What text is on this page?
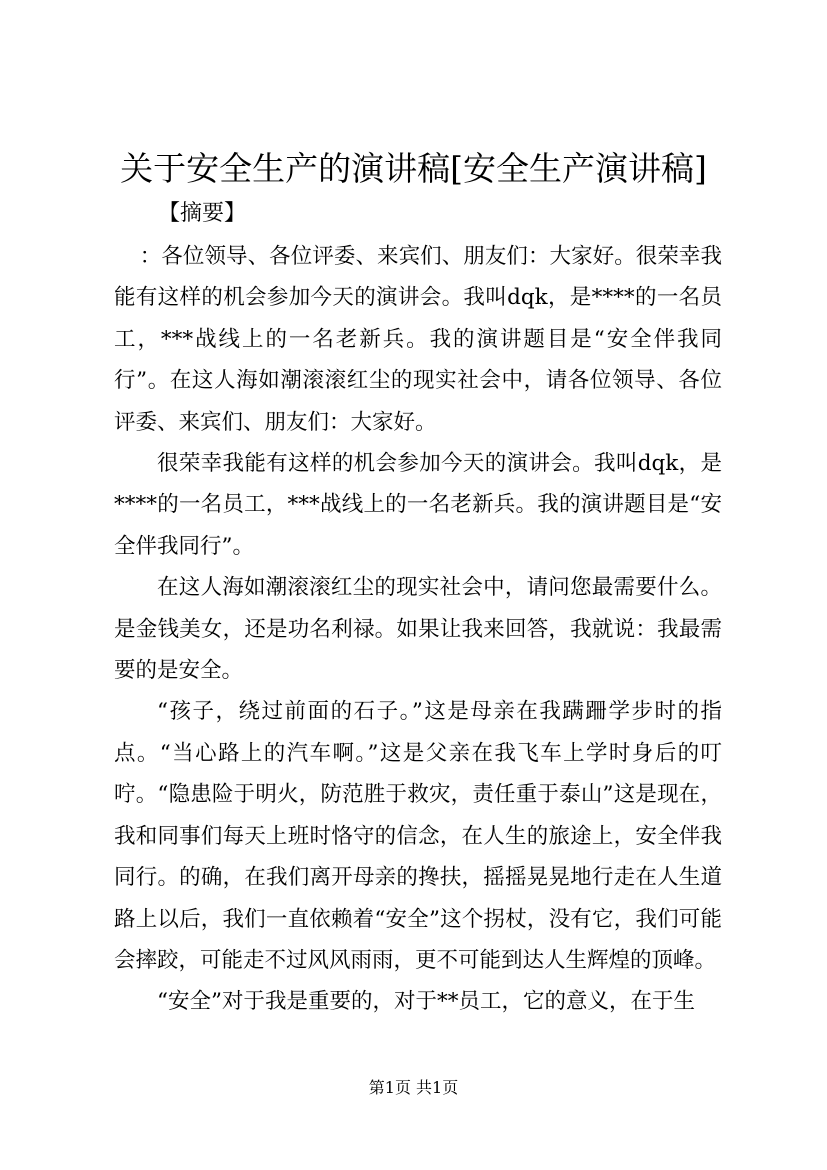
关于安全生产的演讲稿[安全生产演讲稿]
【摘要】

：各位领导、各位评委、来宾们、朋友们：大家好。很荣幸我能有这样的机会参加今天的演讲会。我叫dqk，是****的一名员工，***战线上的一名老新兵。我的演讲题目是“安全伴我同行”。在这人海如潮滚滚红尘的现实社会中，请各位领导、各位评委、来宾们、朋友们：大家好。

很荣幸我能有这样的机会参加今天的演讲会。我叫dqk，是****的一名员工，***战线上的一名老新兵。我的演讲题目是“安全伴我同行”。

在这人海如潮滚滚红尘的现实社会中，请问您最需要什么。是金钱美女，还是功名利禄。如果让我来回答，我就说：我最需要的是安全。

“孩子，绕过前面的石子。”这是母亲在我蹒跚学步时的指点。“当心路上的汽车啊。”这是父亲在我飞车上学时身后的叮咛。“隐患险于明火，防范胜于救灾，责任重于泰山”这是现在，我和同事们每天上班时恪守的信念，在人生的旅途上，安全伴我同行。的确，在我们离开母亲的搀扶，摇摇晃晃地行走在人生道路上以后，我们一直依赖着“安全”这个拐杖，没有它，我们可能会摔跤，可能走不过风风雨雨，更不可能到达人生辉煌的顶峰。

“安全”对于我是重要的，对于**员工，它的意义，在于生

第1页 共1页
